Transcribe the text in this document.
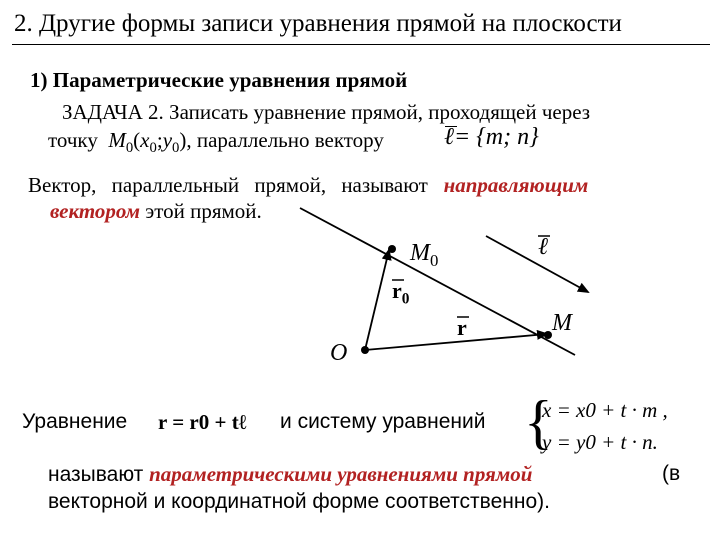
2. Другие формы записи уравнения прямой на плоскости
1) Параметрические уравнения прямой
ЗАДАЧА 2. Записать уравнение прямой, проходящей через
точку $M_0(x_0;y_0)$, параллельно вектору	ℓ
= {m; n}
Вектор, параллельный прямой, называют направляющим
вектором этой прямой.
$M_0$
M
O
$r_0$
r
ℓ
Уравнение r = r0 + tℓ и систему уравнений {
x = x0 + t · m ,
y = y0 + t · n.
называют параметрическими уравнениями прямой	(в
векторной и координатной форме соответственно).
